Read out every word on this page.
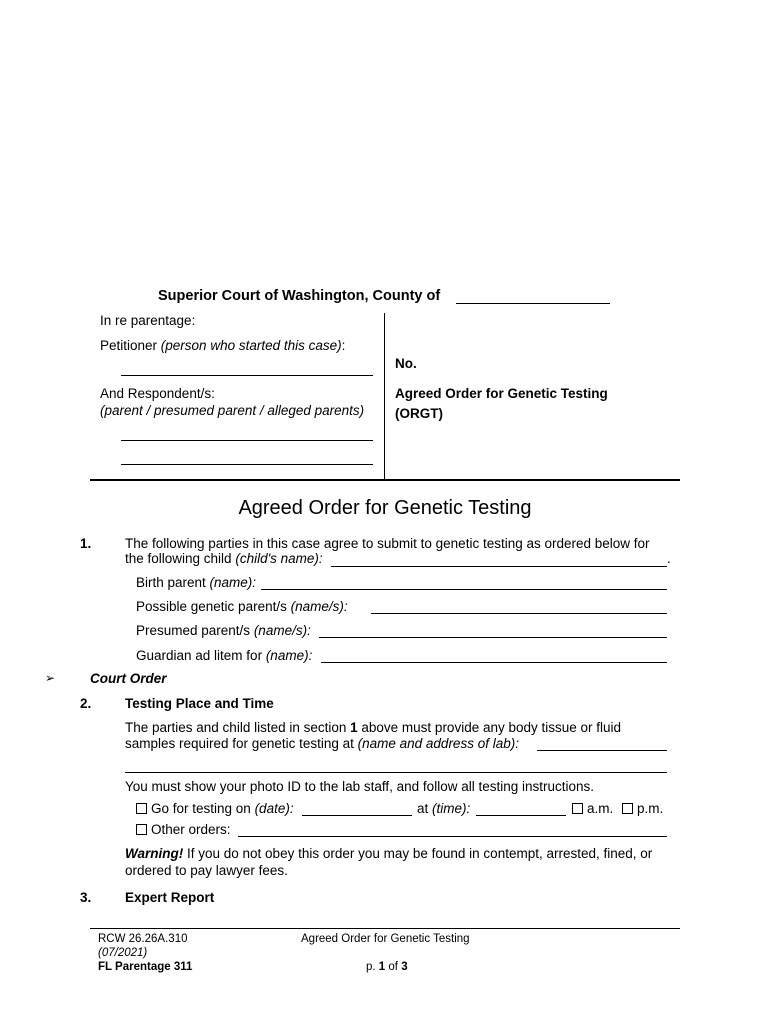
Superior Court of Washington, County of
In re parentage:
Petitioner (person who started this case):
And Respondent/s:
(parent / presumed parent / alleged parents)
No.
Agreed Order for Genetic Testing
(ORGT)
Agreed Order for Genetic Testing
1. The following parties in this case agree to submit to genetic testing as ordered below for
the following child (child's name):	.
Birth parent (name):
Possible genetic parent/s (name/s):
Presumed parent/s (name/s):
Guardian ad litem for (name):
➢	Court Order
2. Testing Place and Time
The parties and child listed in section 1 above must provide any body tissue or fluid
samples required for genetic testing at (name and address of lab):
You must show your photo ID to the lab staff, and follow all testing instructions.
Go for testing on (date):	at (time):	a.m.	p.m.
Other orders:
Warning! If you do not obey this order you may be found in contempt, arrested, fined, or
ordered to pay lawyer fees.
3. Expert Report
RCW 26.26A.310
(07/2021)
FL Parentage 311
Agreed Order for Genetic Testing
p. 1 of 3
